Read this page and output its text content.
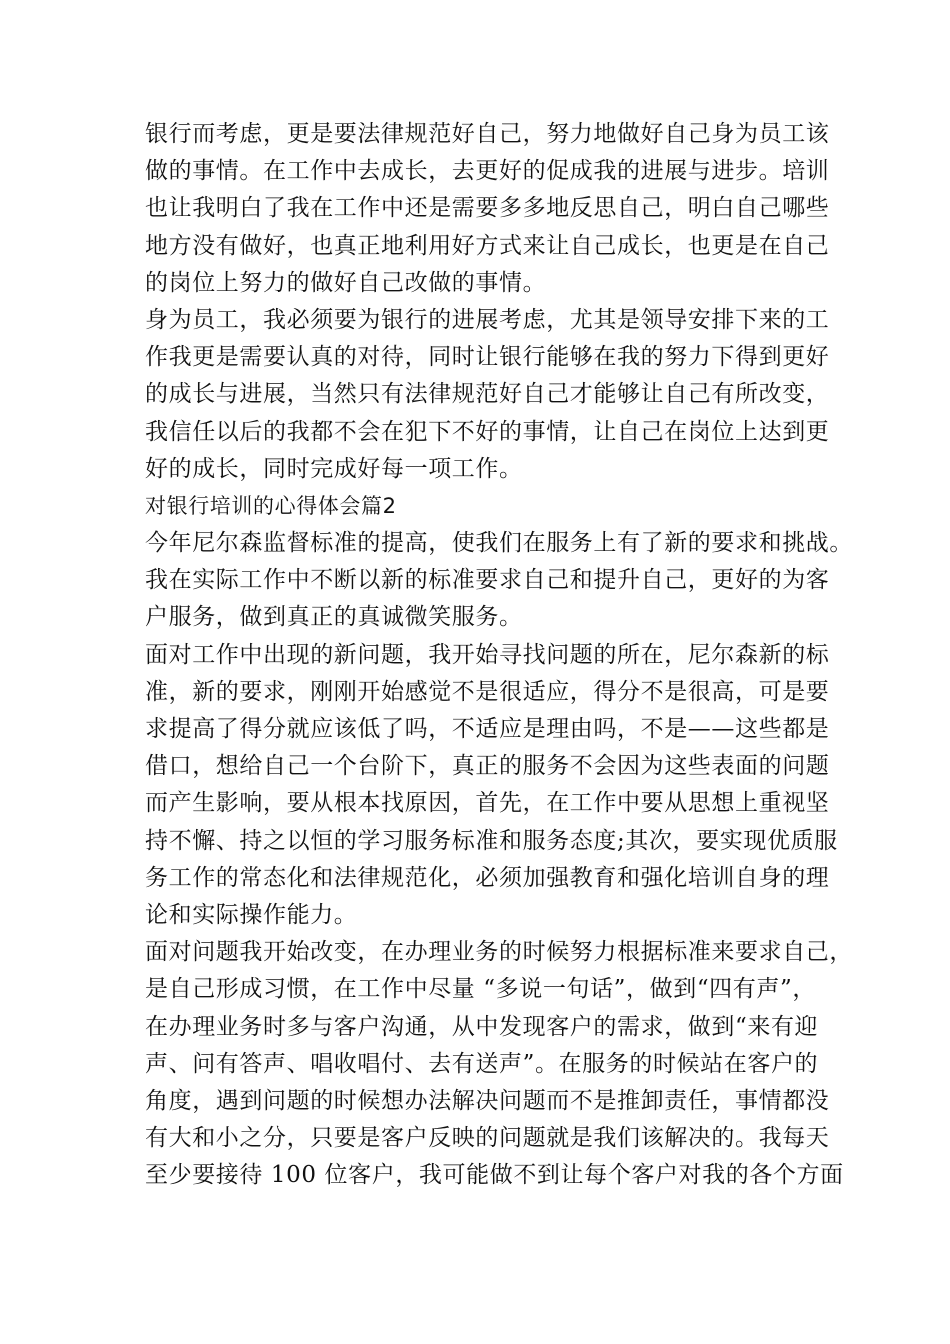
银行而考虑，更是要法律规范好自己，努力地做好自己身为员工该
做的事情。在工作中去成长，去更好的促成我的进展与进步。培训
也让我明白了我在工作中还是需要多多地反思自己，明白自己哪些
地方没有做好，也真正地利用好方式来让自己成长，也更是在自己
的岗位上努力的做好自己改做的事情。
身为员工，我必须要为银行的进展考虑，尤其是领导安排下来的工
作我更是需要认真的对待，同时让银行能够在我的努力下得到更好
的成长与进展，当然只有法律规范好自己才能够让自己有所改变，
我信任以后的我都不会在犯下不好的事情，让自己在岗位上达到更
好的成长，同时完成好每一项工作。
对银行培训的心得体会篇2
今年尼尔森监督标准的提高，使我们在服务上有了新的要求和挑战。
我在实际工作中不断以新的标准要求自己和提升自己，更好的为客
户服务，做到真正的真诚微笑服务。
面对工作中出现的新问题，我开始寻找问题的所在，尼尔森新的标
准，新的要求，刚刚开始感觉不是很适应，得分不是很高，可是要
求提高了得分就应该低了吗，不适应是理由吗，不是——这些都是
借口，想给自己一个台阶下，真正的服务不会因为这些表面的问题
而产生影响，要从根本找原因，首先，在工作中要从思想上重视坚
持不懈、持之以恒的学习服务标准和服务态度;其次，要实现优质服
务工作的常态化和法律规范化，必须加强教育和强化培训自身的理
论和实际操作能力。
面对问题我开始改变，在办理业务的时候努力根据标准来要求自己，
是自己形成习惯，在工作中尽量 “多说一句话”，做到“四有声”，
在办理业务时多与客户沟通，从中发现客户的需求，做到“来有迎
声、问有答声、唱收唱付、去有送声”。在服务的时候站在客户的
角度，遇到问题的时候想办法解决问题而不是推卸责任，事情都没
有大和小之分，只要是客户反映的问题就是我们该解决的。我每天
至少要接待 100 位客户，我可能做不到让每个客户对我的各个方面
